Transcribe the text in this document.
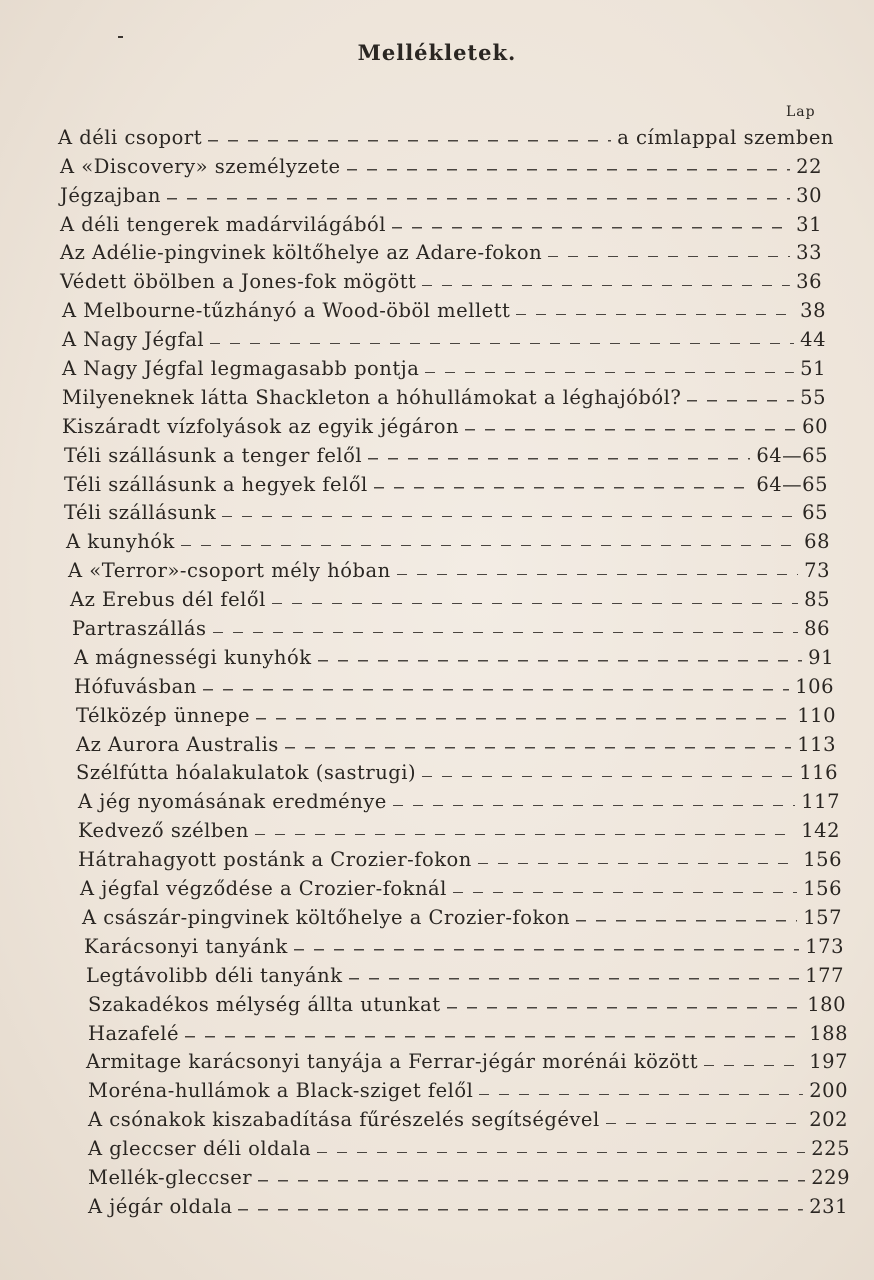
Mellékletek.
Lap
A déli csoport	a címlappal szemben
A «Discovery» személyzete	22
Jégzajban	30
A déli tengerek madárvilágából	31
Az Adélie-pingvinek költőhelye az Adare-fokon	33
Védett öbölben a Jones-fok mögött	36
A Melbourne-tűzhányó a Wood-öböl mellett	38
A Nagy Jégfal	44
A Nagy Jégfal legmagasabb pontja	51
Milyeneknek látta Shackleton a hóhullámokat a léghajóból?	55
Kiszáradt vízfolyások az egyik jégáron	60
Téli szállásunk a tenger felől	64—65
Téli szállásunk a hegyek felől	64—65
Téli szállásunk	65
A kunyhók	68
A «Terror»-csoport mély hóban	73
Az Erebus dél felől	85
Partraszállás	86
A mágnességi kunyhók	91
Hófuvásban	106
Télközép ünnepe	110
Az Aurora Australis	113
Szélfútta hóalakulatok (sastrugi)	116
A jég nyomásának eredménye	117
Kedvező szélben	142
Hátrahagyott postánk a Crozier-fokon	156
A jégfal végződése a Crozier-foknál	156
A császár-pingvinek költőhelye a Crozier-fokon	157
Karácsonyi tanyánk	173
Legtávolibb déli tanyánk	177
Szakadékos mélység állta utunkat	180
Hazafelé	188
Armitage karácsonyi tanyája a Ferrar-jégár morénái között	197
Moréna-hullámok a Black-sziget felől	200
A csónakok kiszabadítása fűrészelés segítségével	202
A gleccser déli oldala	225
Mellék-gleccser	229
A jégár oldala	231
